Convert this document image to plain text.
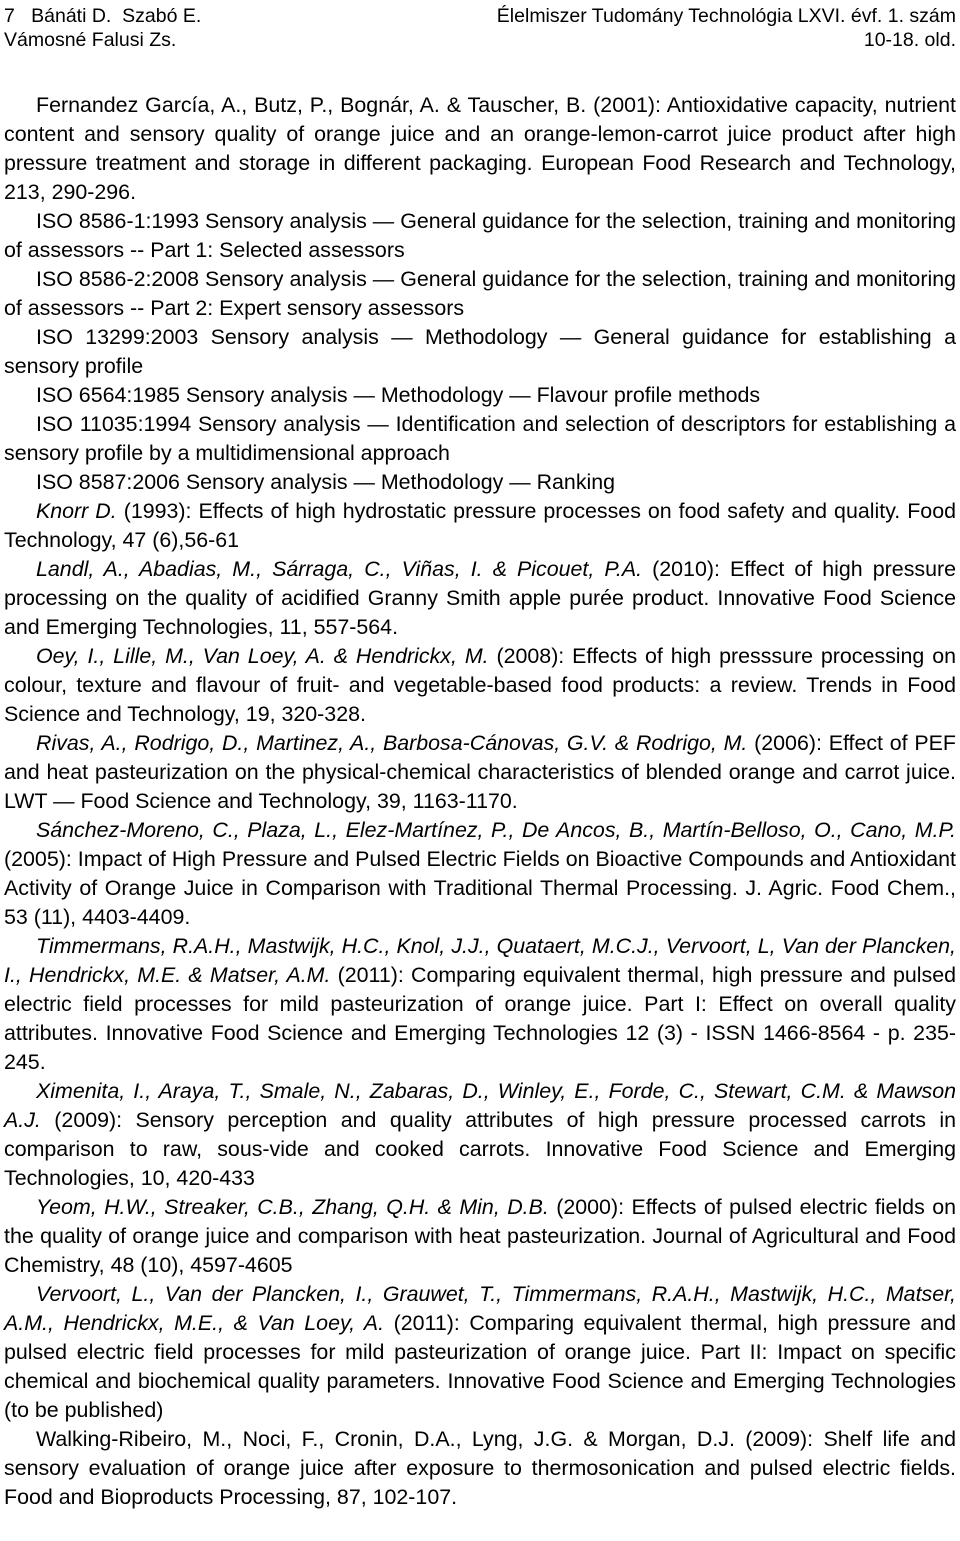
7 Bánáti D.  Szabó E.	Élelmiszer Tudomány Technológia LXVI. évf. 1. szám
Vámosné Falusi Zs.	10-18. old.

Fernandez García, A., Butz, P., Bognár, A. & Tauscher, B. (2001): Antioxidative capacity, nutrient content and sensory quality of orange juice and an orange-lemon-carrot juice product after high pressure treatment and storage in different packaging. European Food Research and Technology, 213, 290-296.

ISO 8586-1:1993 Sensory analysis — General guidance for the selection, training and monitoring of assessors -- Part 1: Selected assessors

ISO 8586-2:2008 Sensory analysis — General guidance for the selection, training and monitoring of assessors -- Part 2: Expert sensory assessors

ISO 13299:2003 Sensory analysis — Methodology — General guidance for establishing a sensory profile

ISO 6564:1985 Sensory analysis — Methodology — Flavour profile methods

ISO 11035:1994 Sensory analysis — Identification and selection of descriptors for establishing a sensory profile by a multidimensional approach

ISO 8587:2006 Sensory analysis — Methodology — Ranking

Knorr D. (1993): Effects of high hydrostatic pressure processes on food safety and quality. Food Technology, 47 (6),56-61

Landl, A., Abadias, M., Sárraga, C., Viñas, I. & Picouet, P.A. (2010): Effect of high pressure processing on the quality of acidified Granny Smith apple purée product. Innovative Food Science and Emerging Technologies, 11, 557-564.

Oey, I., Lille, M., Van Loey, A. & Hendrickx, M. (2008): Effects of high presssure processing on colour, texture and flavour of fruit- and vegetable-based food products: a review. Trends in Food Science and Technology, 19, 320-328.

Rivas, A., Rodrigo, D., Martinez, A., Barbosa-Cánovas, G.V. & Rodrigo, M. (2006): Effect of PEF and heat pasteurization on the physical-chemical characteristics of blended orange and carrot juice. LWT — Food Science and Technology, 39, 1163-1170.

Sánchez-Moreno, C., Plaza, L., Elez-Martínez, P., De Ancos, B., Martín-Belloso, O., Cano, M.P. (2005): Impact of High Pressure and Pulsed Electric Fields on Bioactive Compounds and Antioxidant Activity of Orange Juice in Comparison with Traditional Thermal Processing. J. Agric. Food Chem., 53 (11), 4403-4409.

Timmermans, R.A.H., Mastwijk, H.C., Knol, J.J., Quataert, M.C.J., Vervoort, L, Van der Plancken, I., Hendrickx, M.E. & Matser, A.M. (2011): Comparing equivalent thermal, high pressure and pulsed electric field processes for mild pasteurization of orange juice. Part I: Effect on overall quality attributes. Innovative Food Science and Emerging Technologies 12 (3) - ISSN 1466-8564 - p. 235-245.

Ximenita, I., Araya, T., Smale, N., Zabaras, D., Winley, E., Forde, C., Stewart, C.M. & Mawson A.J. (2009): Sensory perception and quality attributes of high pressure processed carrots in comparison to raw, sous-vide and cooked carrots. Innovative Food Science and Emerging Technologies, 10, 420-433

Yeom, H.W., Streaker, C.B., Zhang, Q.H. & Min, D.B. (2000): Effects of pulsed electric fields on the quality of orange juice and comparison with heat pasteurization. Journal of Agricultural and Food Chemistry, 48 (10), 4597-4605

Vervoort, L., Van der Plancken, I., Grauwet, T., Timmermans, R.A.H., Mastwijk, H.C., Matser, A.M., Hendrickx, M.E., & Van Loey, A. (2011): Comparing equivalent thermal, high pressure and pulsed electric field processes for mild pasteurization of orange juice. Part II: Impact on specific chemical and biochemical quality parameters. Innovative Food Science and Emerging Technologies (to be published)

Walking-Ribeiro, M., Noci, F., Cronin, D.A., Lyng, J.G. & Morgan, D.J. (2009): Shelf life and sensory evaluation of orange juice after exposure to thermosonication and pulsed electric fields. Food and Bioproducts Processing, 87, 102-107.
